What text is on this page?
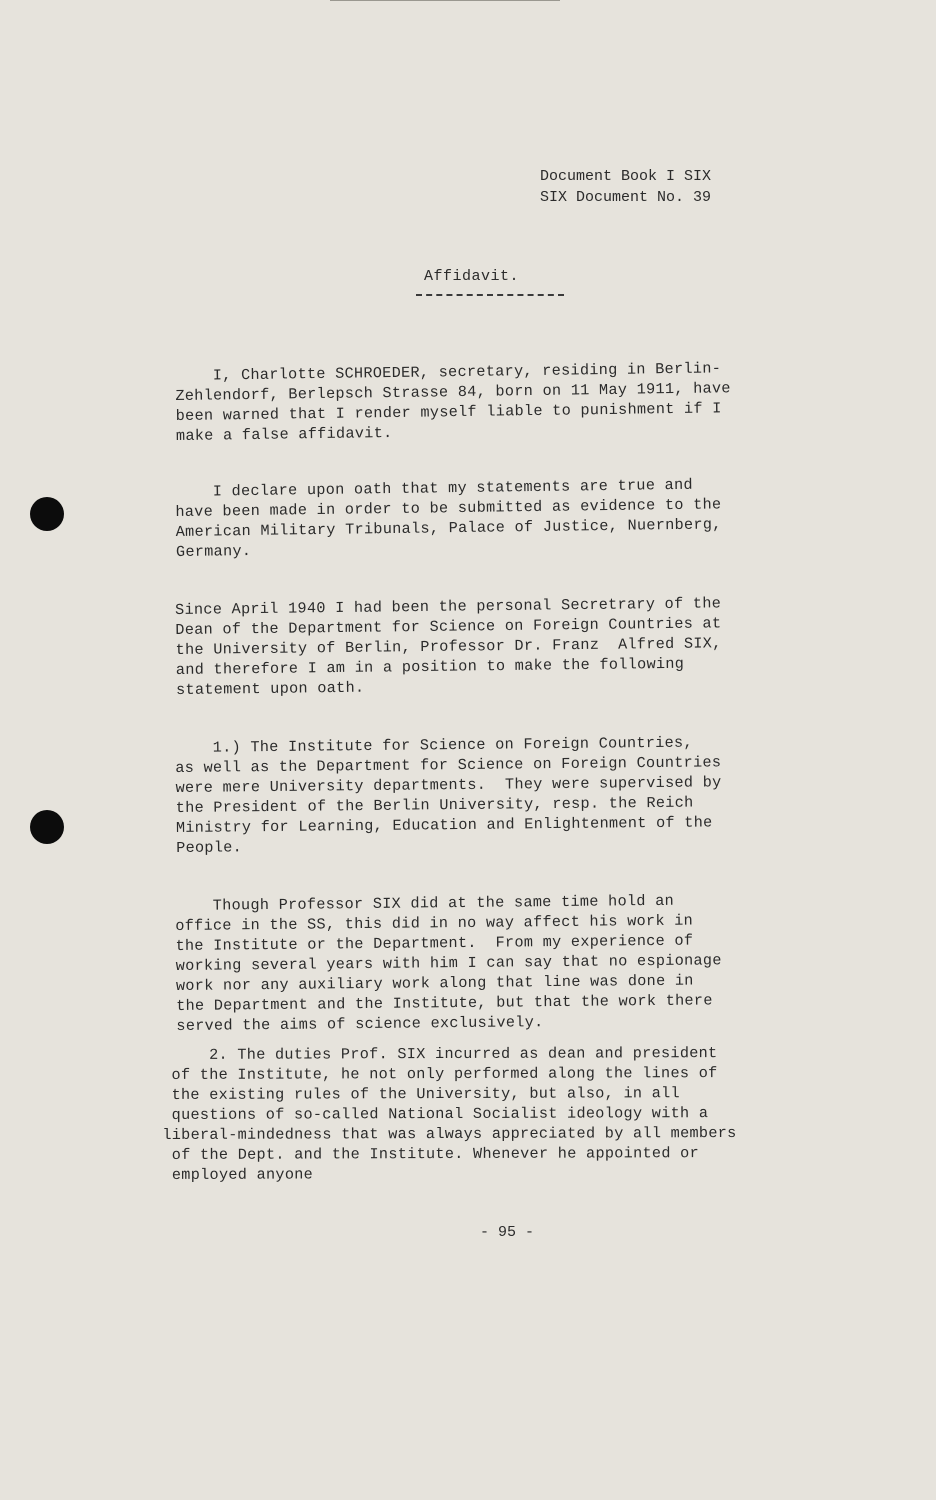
Document Book I SIX
SIX Document No. 39
Affidavit.
I, Charlotte SCHROEDER, secretary, residing in Berlin-
Zehlendorf, Berlepsch Strasse 84, born on 11 May 1911, have
been warned that I render myself liable to punishment if I
make a false affidavit.
I declare upon oath that my statements are true and
have been made in order to be submitted as evidence to the
American Military Tribunals, Palace of Justice, Nuernberg,
Germany.
Since April 1940 I had been the personal Secretrary of the
Dean of the Department for Science on Foreign Countries at
the University of Berlin, Professor Dr. Franz  Alfred SIX,
and therefore I am in a position to make the following
statement upon oath.
1.) The Institute for Science on Foreign Countries,
as well as the Department for Science on Foreign Countries
were mere University departments.  They were supervised by
the President of the Berlin University, resp. the Reich
Ministry for Learning, Education and Enlightenment of the
People.
Though Professor SIX did at the same time hold an
office in the SS, this did in no way affect his work in
the Institute or the Department.  From my experience of
working several years with him I can say that no espionage
work nor any auxiliary work along that line was done in
the Department and the Institute, but that the work there
served the aims of science exclusively.
2. The duties Prof. SIX incurred as dean and president
of the Institute, he not only performed along the lines of
the existing rules of the University, but also, in all
questions of so-called National Socialist ideology with a
liberal-mindedness that was always appreciated by all members
of the Dept. and the Institute. Whenever he appointed or
employed anyone
- 95 -
